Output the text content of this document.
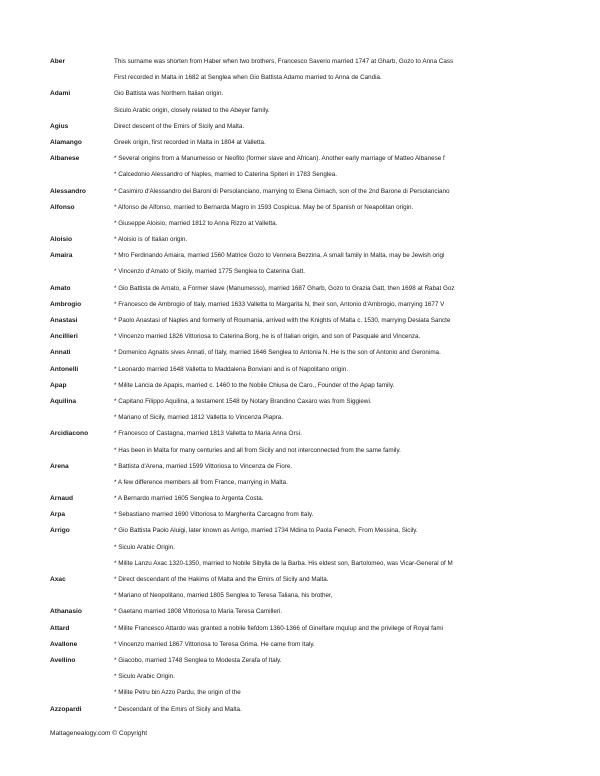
Aber	This surname was shorten from Haber when two brothers, Francesco Saverio married 1747 at Gharb, Gozo to Anna Cass
First recorded in Malta in 1682 at Senglea when Gio Battista Adamo married to Anna de Candia.
Adami	Gio Battista was Northern Italian origin.
Siculo Arabic origin, closely related to the Abeyer family.
Agius	Direct descent of the Emirs of Sicily and Malta.
Alamango	Greek origin, first recorded in Malta in 1804 at Valletta.
Albanese	* Several origins from a Manumesso or Neofito (former slave and African). Another early marriage of Matteo Albanese f
* Calcedonio Alessandro of Naples, married to Caterina Spiteri in 1783 Senglea.
Alessandro	* Casimiro d'Alessandro dei Baroni di Persolanciano, marrying to Elena Gimach, son of the 2nd Barone di Persolanciano
Alfonso	* Alfonso de Alfonso, married to Bernarda Magro in 1593 Cospicua. May be of Spanish or Neapolitan origin.
* Giuseppe Aloisio, married 1812 to Anna Rizzo at Valletta.
Aloisio	* Aloisio is of Italian origin.
Amaira	* Mro Ferdinando Amaira, married 1560 Matrice Gozo to Vennera Bezzina, A small family in Malta, may be Jewish origi
* Vincenzo d'Amato of Sicily, married 1775 Senglea to Caterina Gatt.
Amato	* Gio Battista de Amato, a Former slave (Manumesso), married 1687 Gharb, Gozo to Grazia Gatt, then 1698 at Rabat Goz
Ambrogio	* Francesco de Ambrogio of Italy, married 1633 Valletta to Margarita N, their son, Antonio d'Ambrogio, marrying 1677 V
Anastasi	* Paolo Anastasi of Naples and formerly of Roumania, arrived with the Knights of Malta c. 1530, marrying Desiata Sancte
Ancillieri	* Vincenzo married 1826 Vittoriosa to Caterina Borg, he is of Italian origin, and son of Pasquale and Vincenza.
Annati	* Domenico Agnatis sives Annati, of Italy, married 1646 Senglea to Antonia N. He is the son of Antonio and Geronima.
Antonelli	* Leonardo married 1648 Valletta to Maddalena Bonviani and is of Napolitano origin.
Apap	* Milite Lancia de Apapis, married c. 1460 to the Nobile Chiusa de Caro., Founder of the Apap family.
Aquilina	* Capitano Filippo Aquilina, a testament 1548 by Notary Brandino Caxaro was from Siggiewi.
* Mariano of Sicily, married 1812 Valletta to Vincenza Piapra.
Arcidiacono	* Francesco of Castagna, married 1813 Valletta to Maria Anna Orsi.
* Has been in Malta for many centuries and all from Sicily and not interconnected from the same family.
Arena	* Battista d'Arena, married 1599 Vittoriosa to Vincenza de Fiore.
* A few difference members all from France, marrying in Malta.
Arnaud	* A Bernardo married 1605 Senglea to Argenta Costa.
Arpa	* Sebastiano married 1690 Vittoriosa to Margherita Carcagno from Italy.
Arrigo	* Gio Battista Paolo Aluigi, later known as Arrigo, married 1734 Mdina to Paola Fenech. From Messina, Sicily.
* Siculo Arabic Origin.
* Milite Lanzu Axac 1320-1350, married to Nobile Sibylla de la Barba. His eldest son, Bartolomeo, was Vicar-General of M
Axac	* Direct descendant of the Hakims of Malta and the Emirs of Sicily and Malta.
* Mariano of Neopolitano, married 1805 Senglea to Teresa Taliana, his brother,
Athanasio	* Gaetano married 1808 Vittoriosa to Maria Teresa Camilleri.
Attard	* Milite Francesco Attardo was granted a nobile fiefdom 1360-1366 of Ginelfare mqulup and the privilege of Royal fami
Avallone	* Vincenzo married 1867 Vittoriosa to Teresa Grima. He came from Italy.
Avellino	* Giacobo, married 1748 Senglea to Modesta Zerafa of Italy.
* Siculo Arabic Origin.
* Milite Petru bin Azzo Pardu, the origin of the
Azzopardi	* Descendant of the Emirs of Sicily and Malta.
Maltagenealogy.com © Copyright
